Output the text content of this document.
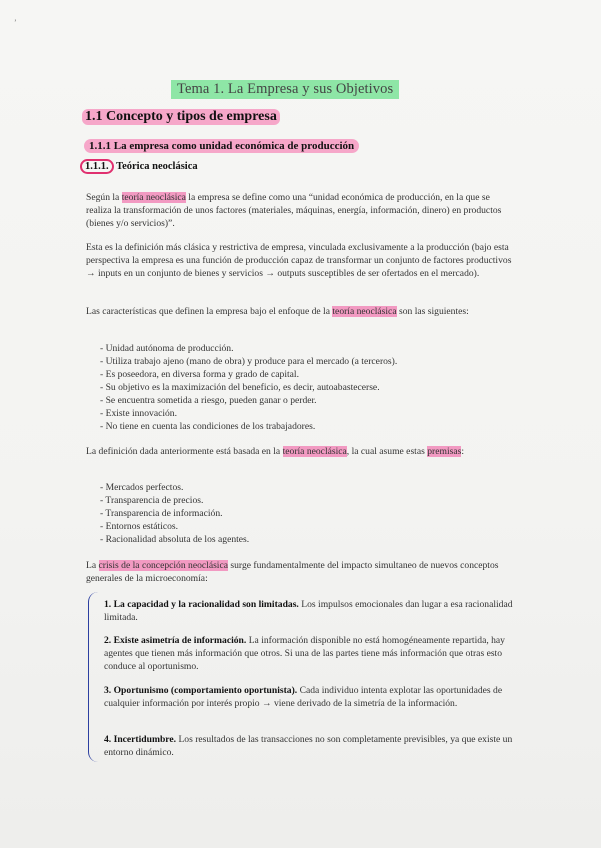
’
Tema 1. La Empresa y sus Objetivos
1.1 Concepto y tipos de empresa
1.1.1 La empresa como unidad económica de producción
1.1.1. Teórica neoclásica
Según la teoría neoclásica la empresa se define como una “unidad económica de producción, en la que se realiza la transformación de unos factores (materiales, máquinas, energía, información, dinero) en productos (bienes y/o servicios)”.
Esta es la definición más clásica y restrictiva de empresa, vinculada exclusivamente a la producción (bajo esta perspectiva la empresa es una función de producción capaz de transformar un conjunto de factores productivos → inputs en un conjunto de bienes y servicios → outputs susceptibles de ser ofertados en el mercado).
Las características que definen la empresa bajo el enfoque de la teoría neoclásica son las siguientes:
- Unidad autónoma de producción.
- Utiliza trabajo ajeno (mano de obra) y produce para el mercado (a terceros).
- Es poseedora, en diversa forma y grado de capital.
- Su objetivo es la maximización del beneficio, es decir, autoabastecerse.
- Se encuentra sometida a riesgo, pueden ganar o perder.
- Existe innovación.
- No tiene en cuenta las condiciones de los trabajadores.
La definición dada anteriormente está basada en la teoría neoclásica, la cual asume estas premisas:
- Mercados perfectos.
- Transparencia de precios.
- Transparencia de información.
- Entornos estáticos.
- Racionalidad absoluta de los agentes.
La crisis de la concepción neoclásica surge fundamentalmente del impacto simultaneo de nuevos conceptos generales de la microeconomía:
1. La capacidad y la racionalidad son limitadas. Los impulsos emocionales dan lugar a esa racionalidad limitada.
2. Existe asimetría de información. La información disponible no está homogéneamente repartida, hay agentes que tienen más información que otros. Si una de las partes tiene más información que otras esto conduce al oportunismo.
3. Oportunismo (comportamiento oportunista). Cada individuo intenta explotar las oportunidades de cualquier información por interés propio → viene derivado de la simetría de la información.
4. Incertidumbre. Los resultados de las transacciones no son completamente previsibles, ya que existe un entorno dinámico.
